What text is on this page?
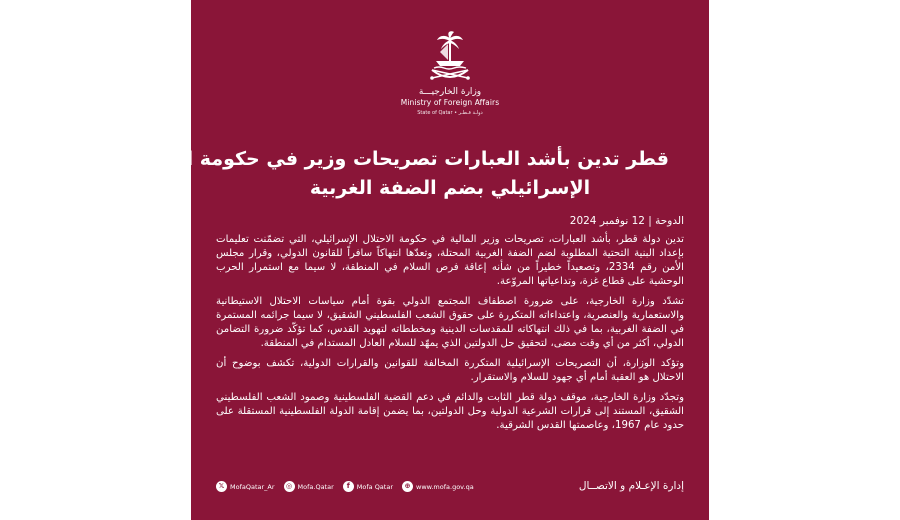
وزارة الخارجيـــة
Ministry of Foreign Affairs
State of Qatar • دولـة قـطـر
قطر تدين بأشد العبارات تصريحات وزير في حكومة الاحتلال
الإسرائيلي بضم الضفة الغربية
الدوحة | 12 نوفمبر 2024
تدين دولة قطر، بأشد العبارات، تصريحات وزير المالية في حكومة الاحتلال الإسرائيلي، التي تضمّنت تعليمات بإعداد البنية التحتية المطلوبة لضم الضفة الغربية المحتلة، وتعدّها انتهاكاً سافراً للقانون الدولي، وقرار مجلس الأمن رقم 2334، وتصعيداً خطيراً من شأنه إعاقة فرص السلام في المنطقة، لا سيما مع استمرار الحرب الوحشية على قطاع غزة، وتداعياتها المروّعة.
تشدّد وزارة الخارجية، على ضرورة اصطفاف المجتمع الدولي بقوة أمام سياسات الاحتلال الاستيطانية والاستعمارية والعنصرية، واعتداءاته المتكررة على حقوق الشعب الفلسطيني الشقيق، لا سيما جرائمه المستمرة في الضفة الغربية، بما في ذلك انتهاكاته للمقدسات الدينية ومخططاته لتهويد القدس، كما تؤكّد ضرورة التضامن الدولي، أكثر من أي وقت مضى، لتحقيق حل الدولتين الذي يمهّد للسلام العادل المستدام في المنطقة.
وتؤكد الوزارة، أن التصريحات الإسرائيلية المتكررة المخالفة للقوانين والقرارات الدولية، تكشف بوضوح أن الاحتلال هو العقبة أمام أي جهود للسلام والاستقرار.
وتجدّد وزارة الخارجية، موقف دولة قطر الثابت والدائم في دعم القضية الفلسطينية وصمود الشعب الفلسطيني الشقيق، المستند إلى قرارات الشرعية الدولية وحل الدولتين، بما يضمن إقامة الدولة الفلسطينية المستقلة على حدود عام 1967، وعاصمتها القدس الشرقية.
𝕏 MofaQatar_Ar	◎ Mofa.Qatar	f	Mofa Qatar	⊕ www.mofa.gov.qa	إدارة الإعـلام و الاتصــال
